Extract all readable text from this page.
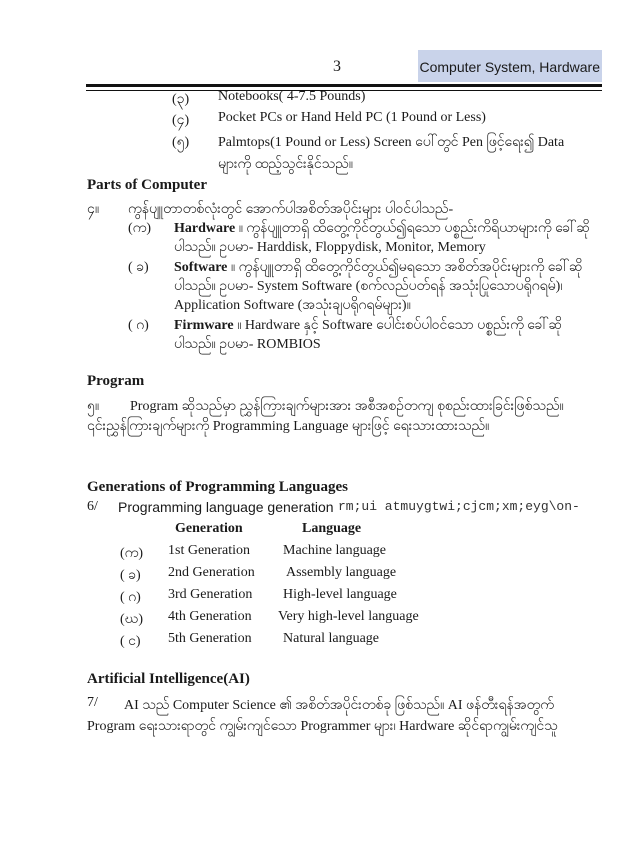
3	Computer System, Hardware
(၃) Notebooks( 4-7.5 Pounds)
(၄) Pocket PCs or Hand Held PC (1 Pound or Less)
(၅) Palmtops(1 Pound or Less) Screen ပေါ်တွင် Pen ဖြင့်ရေး၍ Data
များကို ထည့်သွင်းနိုင်သည်။
Parts of Computer
၄။ ကွန်ပျူတာတစ်လုံးတွင် အောက်ပါအစိတ်အပိုင်းများ ပါဝင်ပါသည်-
(က) Hardware ။ ကွန်ပျူတာရှိ ထိတွေ့ကိုင်တွယ်၍ရသော ပစ္စည်းကိရိယာများကို ခေါ်ဆို
ပါသည်။ ဥပမာ- Harddisk, Floppydisk, Monitor, Memory
( ခ) Software ။ ကွန်ပျူတာရှိ ထိတွေ့ကိုင်တွယ်၍မရသော အစိတ်အပိုင်းများကို ခေါ်ဆို
ပါသည်။ ဥပမာ- System Software (စက်လည်ပတ်ရန် အသုံးပြုသောပရိုဂရမ်)၊
Application Software (အသုံးချပရိုဂရမ်များ)။
( ဂ) Firmware ။ Hardware နှင့် Software ပေါင်းစပ်ပါဝင်သော ပစ္စည်းကို ခေါ်ဆို
ပါသည်။ ဥပမာ- ROMBIOS
Program
၅။ Program ဆိုသည်မှာ ညွှန်ကြားချက်များအား အစီအစဉ်တကျ စုစည်းထားခြင်းဖြစ်သည်။
၎င်းညွှန်ကြားချက်များကို Programming Language များဖြင့် ရေးသားထားသည်။
Generations of Programming Languages
6/ Programming language generation rm;ui atmuygtwi;cjcm;xm;eyg\on-
Generation	Language
(က) 1st Generation Machine language
( ခ) 2nd Generation Assembly language
( ဂ) 3rd Generation High-level language
(ဃ) 4th Generation Very high-level language
( င) 5th Generation Natural language
Artificial Intelligence(AI)
7/ AI သည် Computer Science ၏ အစိတ်အပိုင်းတစ်ခု ဖြစ်သည်။ AI ဖန်တီးရန်အတွက်
Program ရေးသားရာတွင် ကျွမ်းကျင်သော Programmer များ၊ Hardware ဆိုင်ရာကျွမ်းကျင်သူ
